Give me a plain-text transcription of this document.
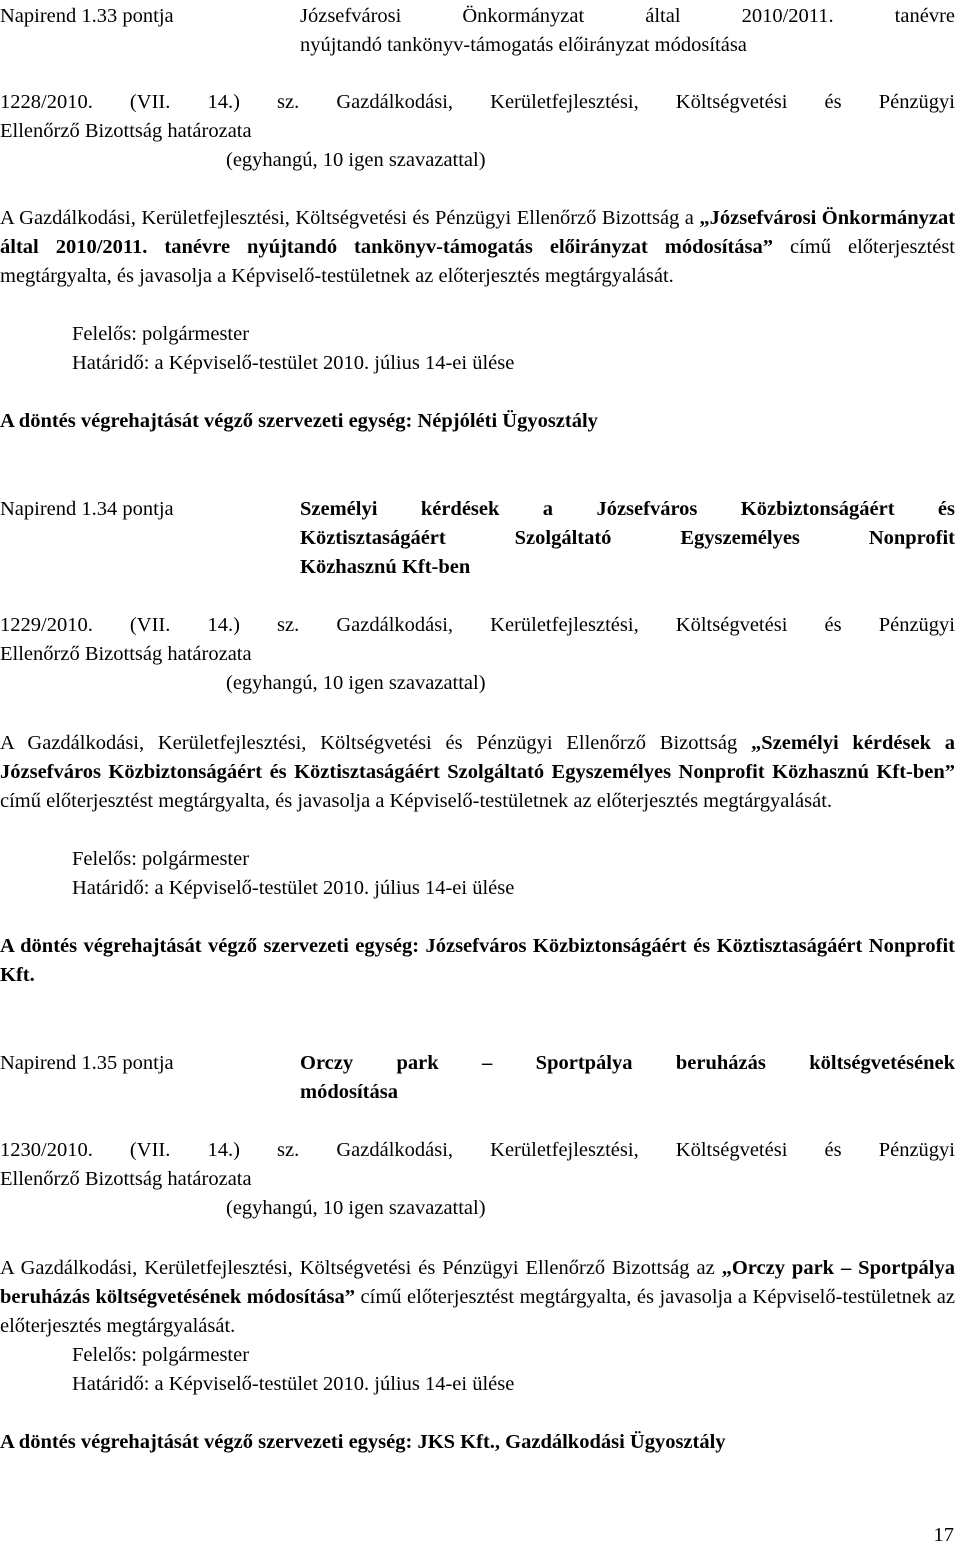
Napirend 1.33 pontja	Józsefvárosi Önkormányzat által 2010/2011. tanévre
nyújtandó tankönyv-támogatás előirányzat módosítása
1228/2010. (VII. 14.) sz. Gazdálkodási, Kerületfejlesztési, Költségvetési és Pénzügyi
Ellenőrző Bizottság határozata
(egyhangú, 10 igen szavazattal)
A Gazdálkodási, Kerületfejlesztési, Költségvetési és Pénzügyi Ellenőrző Bizottság a „Józsefvárosi Önkormányzat által 2010/2011. tanévre nyújtandó tankönyv-támogatás előirányzat módosítása” című előterjesztést megtárgyalta, és javasolja a Képviselő-testületnek az előterjesztés megtárgyalását.
Felelős: polgármester
Határidő: a Képviselő-testület 2010. július 14-ei ülése
A döntés végrehajtását végző szervezeti egység: Népjóléti Ügyosztály
Napirend 1.34 pontja	Személyi kérdések a Józsefváros Közbiztonságáért és
Köztisztaságáért Szolgáltató Egyszemélyes Nonprofit
Közhasznú Kft-ben
1229/2010. (VII. 14.) sz. Gazdálkodási, Kerületfejlesztési, Költségvetési és Pénzügyi
Ellenőrző Bizottság határozata
(egyhangú, 10 igen szavazattal)
A Gazdálkodási, Kerületfejlesztési, Költségvetési és Pénzügyi Ellenőrző Bizottság „Személyi kérdések a Józsefváros Közbiztonságáért és Köztisztaságáért Szolgáltató Egyszemélyes Nonprofit Közhasznú Kft-ben” című előterjesztést megtárgyalta, és javasolja a Képviselő-testületnek az előterjesztés megtárgyalását.
Felelős: polgármester
Határidő: a Képviselő-testület 2010. július 14-ei ülése
A döntés végrehajtását végző szervezeti egység: Józsefváros Közbiztonságáért és Köztisztaságáért Nonprofit Kft.
Napirend 1.35 pontja	Orczy park – Sportpálya beruházás költségvetésének
módosítása
1230/2010. (VII. 14.) sz. Gazdálkodási, Kerületfejlesztési, Költségvetési és Pénzügyi
Ellenőrző Bizottság határozata
(egyhangú, 10 igen szavazattal)
A Gazdálkodási, Kerületfejlesztési, Költségvetési és Pénzügyi Ellenőrző Bizottság az „Orczy park – Sportpálya beruházás költségvetésének módosítása” című előterjesztést megtárgyalta, és javasolja a Képviselő-testületnek az előterjesztés megtárgyalását.
Felelős: polgármester
Határidő: a Képviselő-testület 2010. július 14-ei ülése
A döntés végrehajtását végző szervezeti egység: JKS Kft., Gazdálkodási Ügyosztály
17
